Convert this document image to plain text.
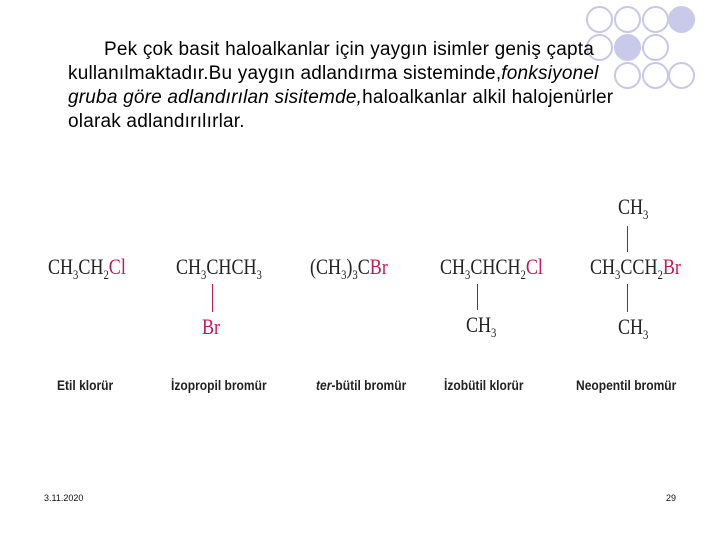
Pek çok basit haloalkanlar için yaygın isimler geniş çapta kullanılmaktadır.Bu yaygın adlandırma sisteminde,fonksiyonel gruba göre adlandırılan sisitemde,haloalkanlar alkil halojenürler olarak adlandırılırlar.
$CH_3CH_2Cl$ $CH_3CHCH_3$
Br
$(CH_3)_3CBr$ $CH_3CHCH_2Cl$
$CH_3$
$CH_3$
$CH_3CCH_2Br$
$CH_3$
Etil klorür	İzopropil bromür	ter-bütil bromür	İzobütil klorür	Neopentil bromür
3.11.2020	29
